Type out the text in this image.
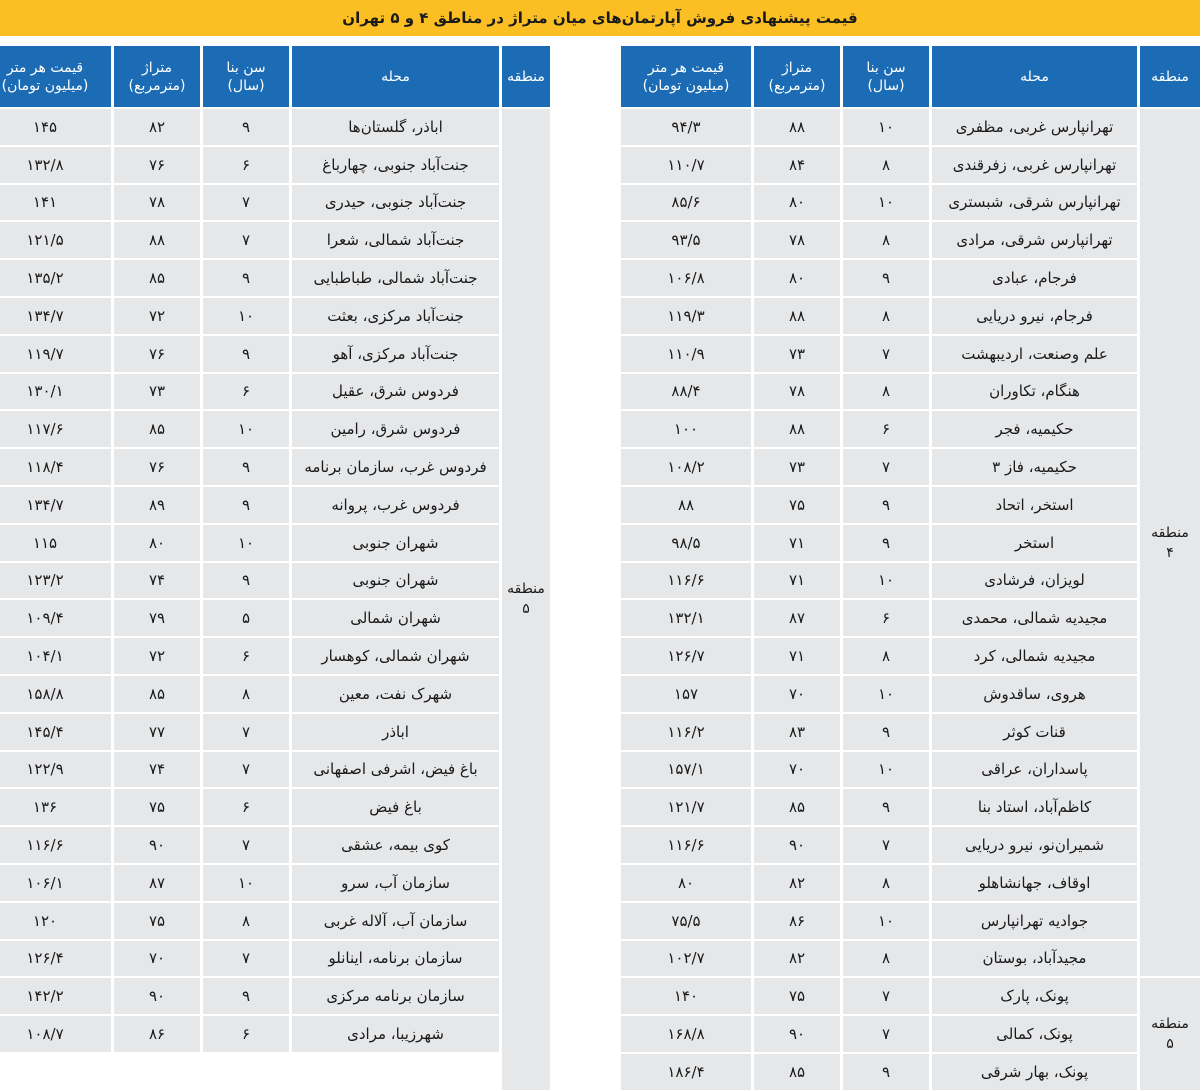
قیمت پیشنهادی فروش آپارتمان‌های میان متراژ در مناطق ۴ و ۵ تهران
منطقه
محله
سن بنا
(سال)
متراژ
(مترمربع)
قیمت هر متر
(میلیون تومان)
منطقه
۴
منطقه
۵
تهرانپارس غربی، مظفری
۱۰
۸۸
۹۴/۳
تهرانپارس غربی، زفرقندی
۸
۸۴
۱۱۰/۷
تهرانپارس شرقی، شبستری
۱۰
۸۰
۸۵/۶
تهرانپارس شرقی، مرادی
۸
۷۸
۹۳/۵
فرجام، عبادی
۹
۸۰
۱۰۶/۸
فرجام، نیرو دریایی
۸
۸۸
۱۱۹/۳
علم وصنعت، اردیبهشت
۷
۷۳
۱۱۰/۹
هنگام، تکاوران
۸
۷۸
۸۸/۴
حکیمیه، فجر
۶
۸۸
۱۰۰
حکیمیه، فاز ۳
۷
۷۳
۱۰۸/۲
استخر، اتحاد
۹
۷۵
۸۸
استخر
۹
۷۱
۹۸/۵
لویزان، فرشادی
۱۰
۷۱
۱۱۶/۶
مجیدیه شمالی، محمدی
۶
۸۷
۱۳۲/۱
مجیدیه شمالی، کرد
۸
۷۱
۱۲۶/۷
هروی، ساقدوش
۱۰
۷۰
۱۵۷
قنات کوثر
۹
۸۳
۱۱۶/۲
پاسداران، عراقی
۱۰
۷۰
۱۵۷/۱
کاظم‌آباد، استاد بنا
۹
۸۵
۱۲۱/۷
شمیران‌نو، نیرو دریایی
۷
۹۰
۱۱۶/۶
اوقاف، جهانشاهلو
۸
۸۲
۸۰
جوادیه تهرانپارس
۱۰
۸۶
۷۵/۵
مجیدآباد، بوستان
۸
۸۲
۱۰۲/۷
پونک، پارک
۷
۷۵
۱۴۰
پونک، کمالی
۷
۹۰
۱۶۸/۸
پونک، بهار شرقی
۹
۸۵
۱۸۶/۴
منطقه
محله
سن بنا
(سال)
متراژ
(مترمربع)
قیمت هر متر
(میلیون تومان)
منطقه
۵
اباذر، گلستان‌ها
۹
۸۲
۱۴۵
جنت‌آباد جنوبی، چهارباغ
۶
۷۶
۱۳۲/۸
جنت‌آباد جنوبی، حیدری
۷
۷۸
۱۴۱
جنت‌آباد شمالی، شعرا
۷
۸۸
۱۲۱/۵
جنت‌آباد شمالی، طباطبایی
۹
۸۵
۱۳۵/۲
جنت‌آباد مرکزی، بعثت
۱۰
۷۲
۱۳۴/۷
جنت‌آباد مرکزی، آهو
۹
۷۶
۱۱۹/۷
فردوس شرق، عقیل
۶
۷۳
۱۳۰/۱
فردوس شرق، رامین
۱۰
۸۵
۱۱۷/۶
فردوس غرب، سازمان برنامه
۹
۷۶
۱۱۸/۴
فردوس غرب، پروانه
۹
۸۹
۱۳۴/۷
شهران جنوبی
۱۰
۸۰
۱۱۵
شهران جنوبی
۹
۷۴
۱۲۳/۲
شهران شمالی
۵
۷۹
۱۰۹/۴
شهران شمالی، کوهسار
۶
۷۲
۱۰۴/۱
شهرک نفت، معین
۸
۸۵
۱۵۸/۸
اباذر
۷
۷۷
۱۴۵/۴
باغ فیض، اشرفی اصفهانی
۷
۷۴
۱۲۲/۹
باغ فیض
۶
۷۵
۱۳۶
کوی بیمه، عشقی
۷
۹۰
۱۱۶/۶
سازمان آب، سرو
۱۰
۸۷
۱۰۶/۱
سازمان آب، آلاله غربی
۸
۷۵
۱۲۰
سازمان برنامه، اینانلو
۷
۷۰
۱۲۶/۴
سازمان برنامه مرکزی
۹
۹۰
۱۴۲/۲
شهرزیبا، مرادی
۶
۸۶
۱۰۸/۷
